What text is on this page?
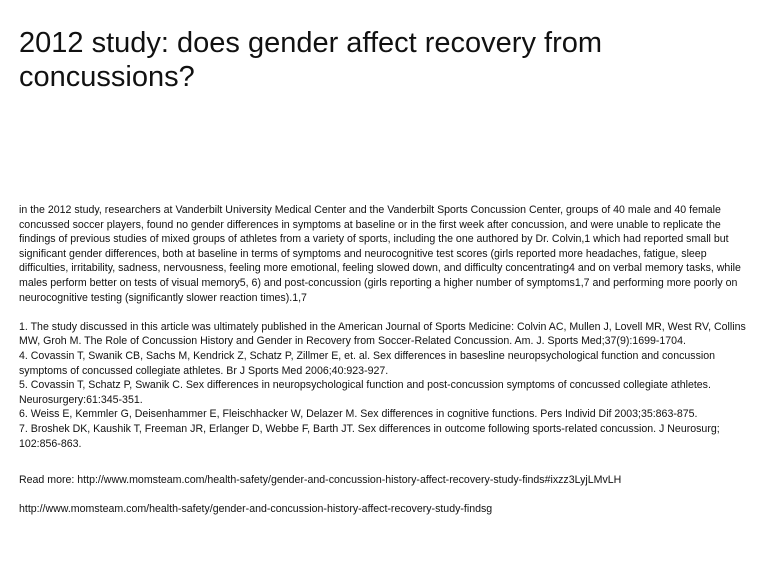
2012 study: does gender affect recovery from concussions?

in the 2012 study, researchers at Vanderbilt University Medical Center and the Vanderbilt Sports Concussion Center, groups of 40 male and 40 female concussed soccer players, found no gender differences in symptoms at baseline or in the first week after concussion, and were unable to replicate the findings of previous studies of mixed groups of athletes from a variety of sports, including the one authored by Dr. Colvin,1 which had reported small but significant gender differences, both at baseline in terms of symptoms and neurocognitive test scores (girls reported more headaches, fatigue, sleep difficulties, irritability, sadness, nervousness, feeling more emotional, feeling slowed down, and difficulty concentrating4 and on verbal memory tasks, while males perform better on tests of visual memory5, 6) and post-concussion (girls reporting a higher number of symptoms1,7 and performing more poorly on neurocognitive testing (significantly slower reaction times).1,7

1. The study discussed in this article was ultimately published in the American Journal of Sports Medicine: Colvin AC, Mullen J, Lovell MR, West RV, Collins MW, Groh M. The Role of Concussion History and Gender in Recovery from Soccer-Related Concussion. Am. J. Sports Med;37(9):1699-1704.

4. Covassin T, Swanik CB, Sachs M, Kendrick Z, Schatz P, Zillmer E, et. al. Sex differences in basesline neuropsychological function and concussion symptoms of concussed collegiate athletes. Br J Sports Med 2006;40:923-927.

5. Covassin T, Schatz P, Swanik C. Sex differences in neuropsychological function and post-concussion symptoms of concussed collegiate athletes. Neurosurgery:61:345-351.

6. Weiss E, Kemmler G, Deisenhammer E, Fleischhacker W, Delazer M. Sex differences in cognitive functions. Pers Individ Dif 2003;35:863-875.

7. Broshek DK, Kaushik T, Freeman JR, Erlanger D, Webbe F, Barth JT. Sex differences in outcome following sports-related concussion. J Neurosurg; 102:856-863.

Read more: http://www.momsteam.com/health-safety/gender-and-concussion-history-affect-recovery-study-finds#ixzz3LyjLMvLH

http://www.momsteam.com/health-safety/gender-and-concussion-history-affect-recovery-study-findsg
